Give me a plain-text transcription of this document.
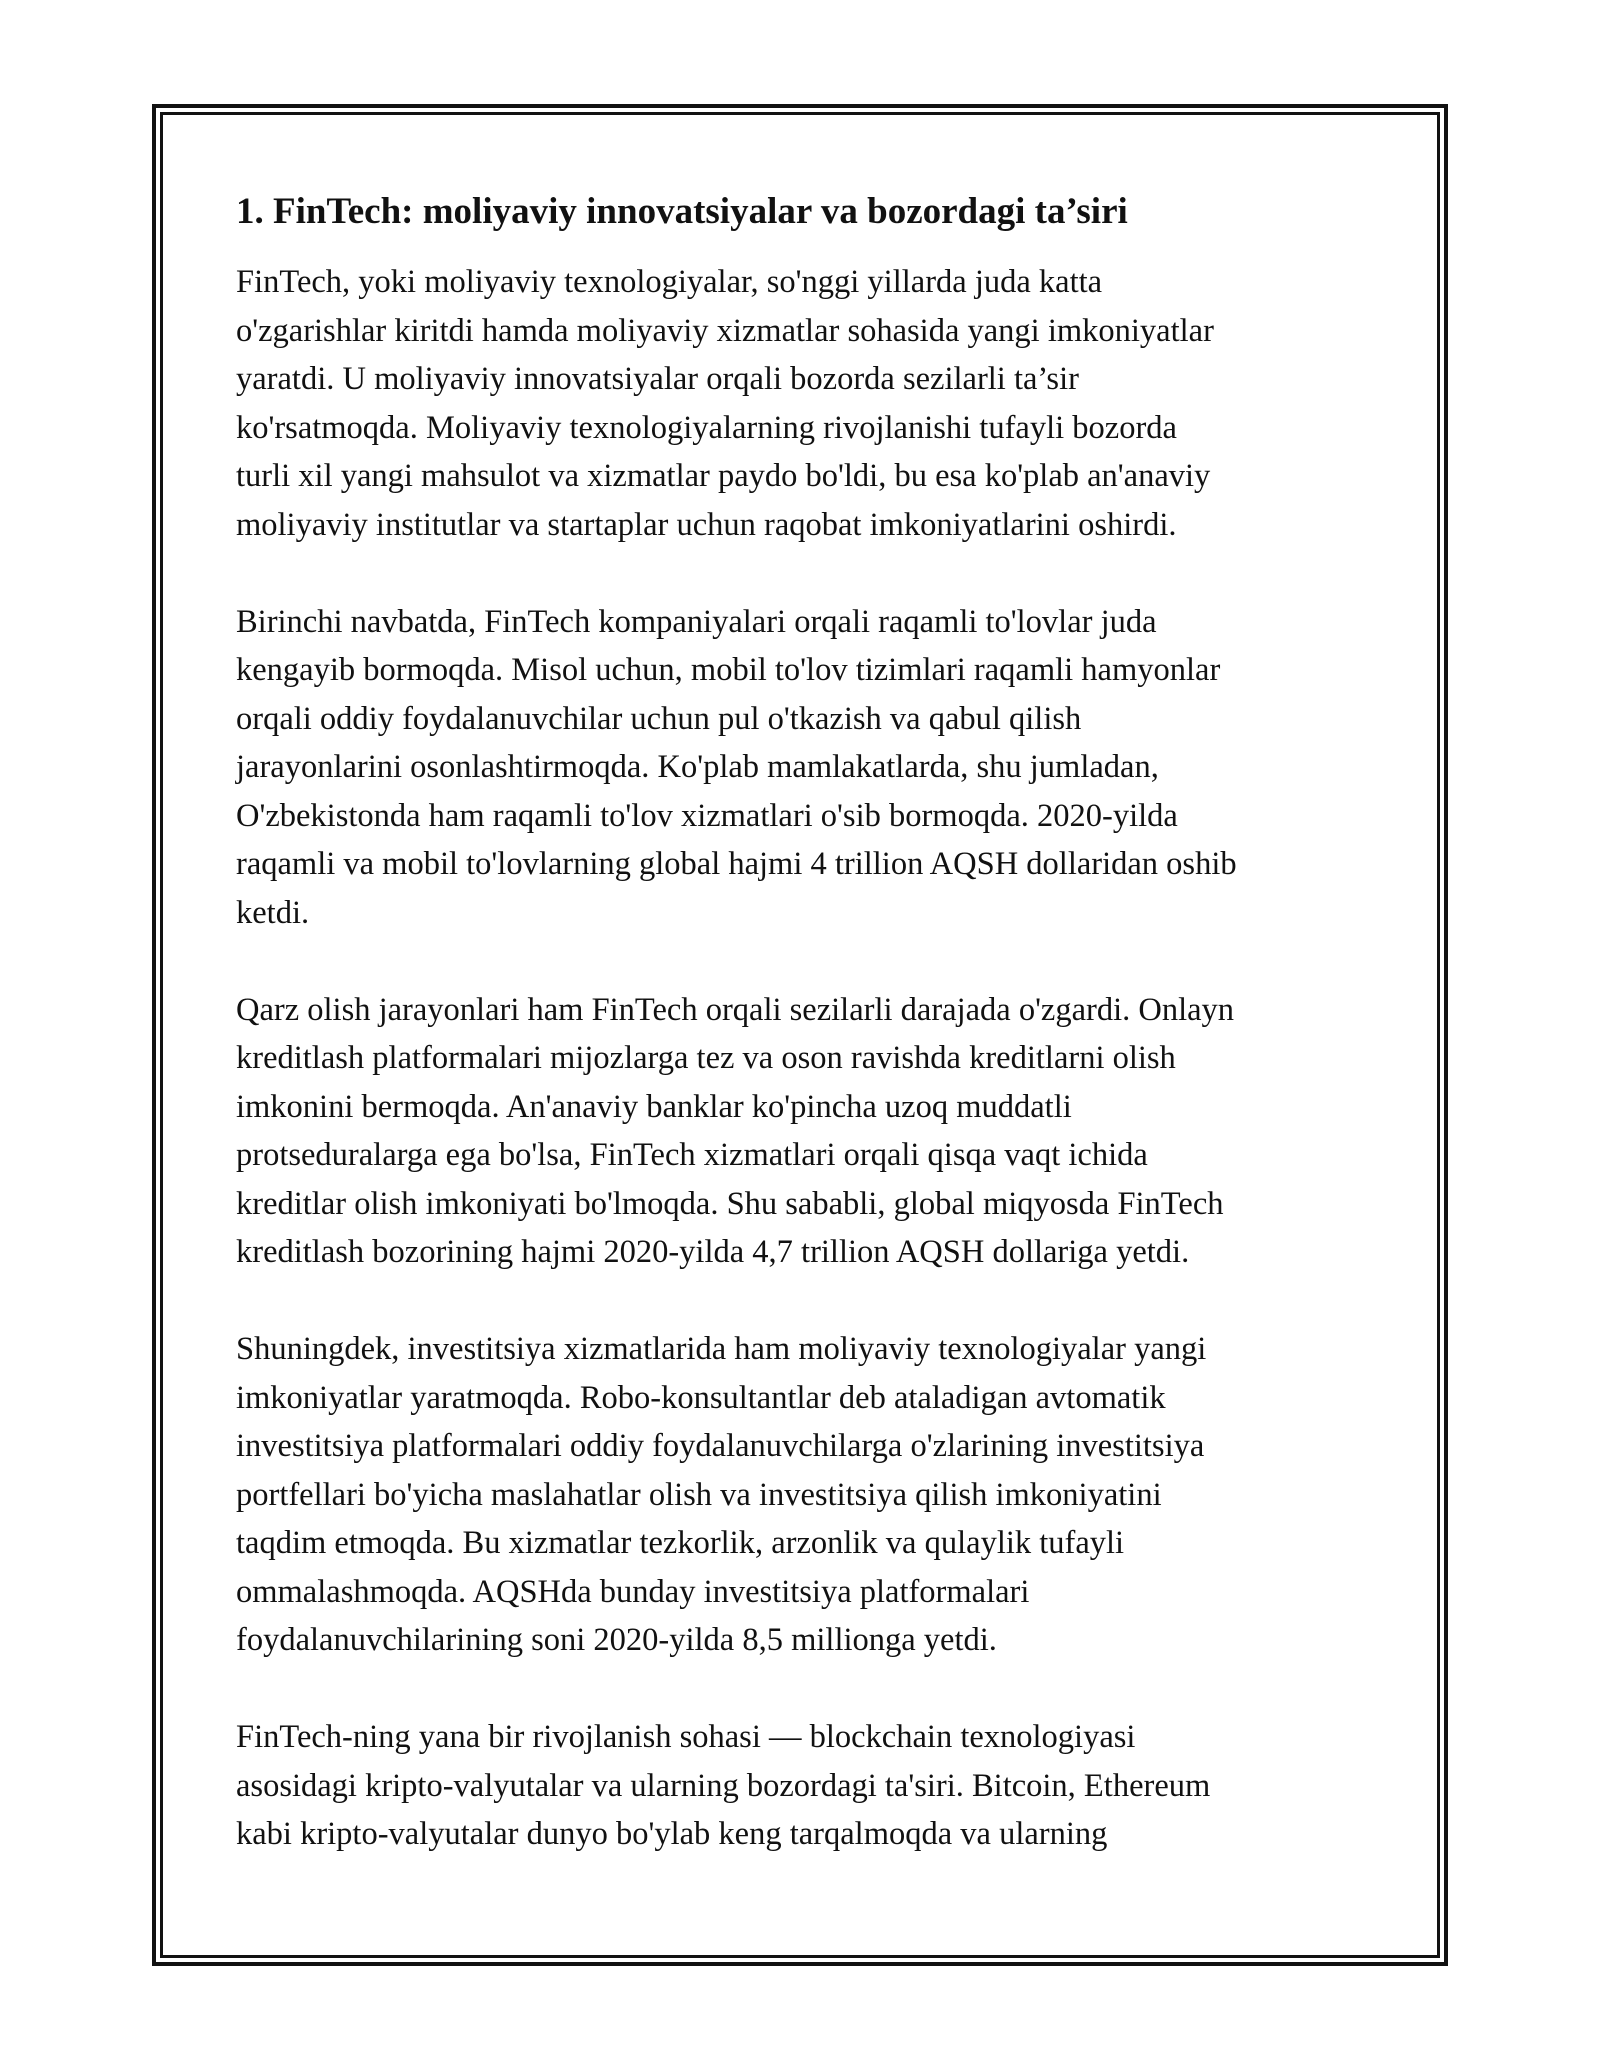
1. FinTech: moliyaviy innovatsiyalar va bozordagi ta’siri

FinTech, yoki moliyaviy texnologiyalar, so'nggi yillarda juda katta
o'zgarishlar kiritdi hamda moliyaviy xizmatlar sohasida yangi imkoniyatlar
yaratdi. U moliyaviy innovatsiyalar orqali bozorda sezilarli ta’sir
ko'rsatmoqda. Moliyaviy texnologiyalarning rivojlanishi tufayli bozorda
turli xil yangi mahsulot va xizmatlar paydo bo'ldi, bu esa ko'plab an'anaviy
moliyaviy institutlar va startaplar uchun raqobat imkoniyatlarini oshirdi.

Birinchi navbatda, FinTech kompaniyalari orqali raqamli to'lovlar juda
kengayib bormoqda. Misol uchun, mobil to'lov tizimlari raqamli hamyonlar
orqali oddiy foydalanuvchilar uchun pul o'tkazish va qabul qilish
jarayonlarini osonlashtirmoqda. Ko'plab mamlakatlarda, shu jumladan,
O'zbekistonda ham raqamli to'lov xizmatlari o'sib bormoqda. 2020-yilda
raqamli va mobil to'lovlarning global hajmi 4 trillion AQSH dollaridan oshib
ketdi.

Qarz olish jarayonlari ham FinTech orqali sezilarli darajada o'zgardi. Onlayn
kreditlash platformalari mijozlarga tez va oson ravishda kreditlarni olish
imkonini bermoqda. An'anaviy banklar ko'pincha uzoq muddatli
protseduralarga ega bo'lsa, FinTech xizmatlari orqali qisqa vaqt ichida
kreditlar olish imkoniyati bo'lmoqda. Shu sababli, global miqyosda FinTech
kreditlash bozorining hajmi 2020-yilda 4,7 trillion AQSH dollariga yetdi.

Shuningdek, investitsiya xizmatlarida ham moliyaviy texnologiyalar yangi
imkoniyatlar yaratmoqda. Robo-konsultantlar deb ataladigan avtomatik
investitsiya platformalari oddiy foydalanuvchilarga o'zlarining investitsiya
portfellari bo'yicha maslahatlar olish va investitsiya qilish imkoniyatini
taqdim etmoqda. Bu xizmatlar tezkorlik, arzonlik va qulaylik tufayli
ommalashmoqda. AQSHda bunday investitsiya platformalari
foydalanuvchilarining soni 2020-yilda 8,5 millionga yetdi.

FinTech-ning yana bir rivojlanish sohasi — blockchain texnologiyasi
asosidagi kripto-valyutalar va ularning bozordagi ta'siri. Bitcoin, Ethereum
kabi kripto-valyutalar dunyo bo'ylab keng tarqalmoqda va ularning
